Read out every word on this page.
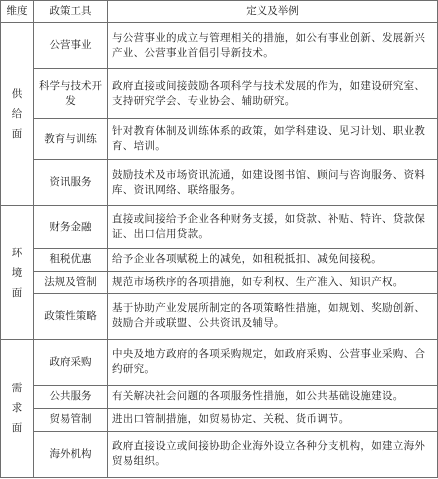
维度	政策工具	定义及举例
供给面	公营事业	与公营事业的成立与管理相关的措施，如公有事业创新、发展新兴产业、公营事业首倡引导新技术。
	科学与技术开发	政府直接或间接鼓励各项科学与技术发展的作为，如建设研究室、支持研究学会、专业协会、辅助研究。
	教育与训练	针对教育体制及训练体系的政策，如学科建设、见习计划、职业教育、培训。
	资讯服务	鼓励技术及市场资讯流通，如建设图书馆、顾问与咨询服务、资料库、资讯网络、联络服务。
环境面	财务金融	直接或间接给予企业各种财务支援，如贷款、补贴、特许、贷款保证、出口信用贷款。
	租税优惠	给予企业各项赋税上的减免，如租税抵扣、减免间接税。
	法规及管制	规范市场秩序的各项措施，如专利权、生产准入、知识产权。
	政策性策略	基于协助产业发展所制定的各项策略性措施，如规划、奖励创新、鼓励合并或联盟、公共资讯及辅导。
需求面	政府采购	中央及地方政府的各项采购规定，如政府采购、公营事业采购、合约研究。
	公共服务	有关解决社会问题的各项服务性措施，如公共基础设施建设。
	贸易管制	进出口管制措施，如贸易协定、关税、货币调节。
	海外机构	政府直接设立或间接协助企业海外设立各种分支机构，如建立海外贸易组织。
